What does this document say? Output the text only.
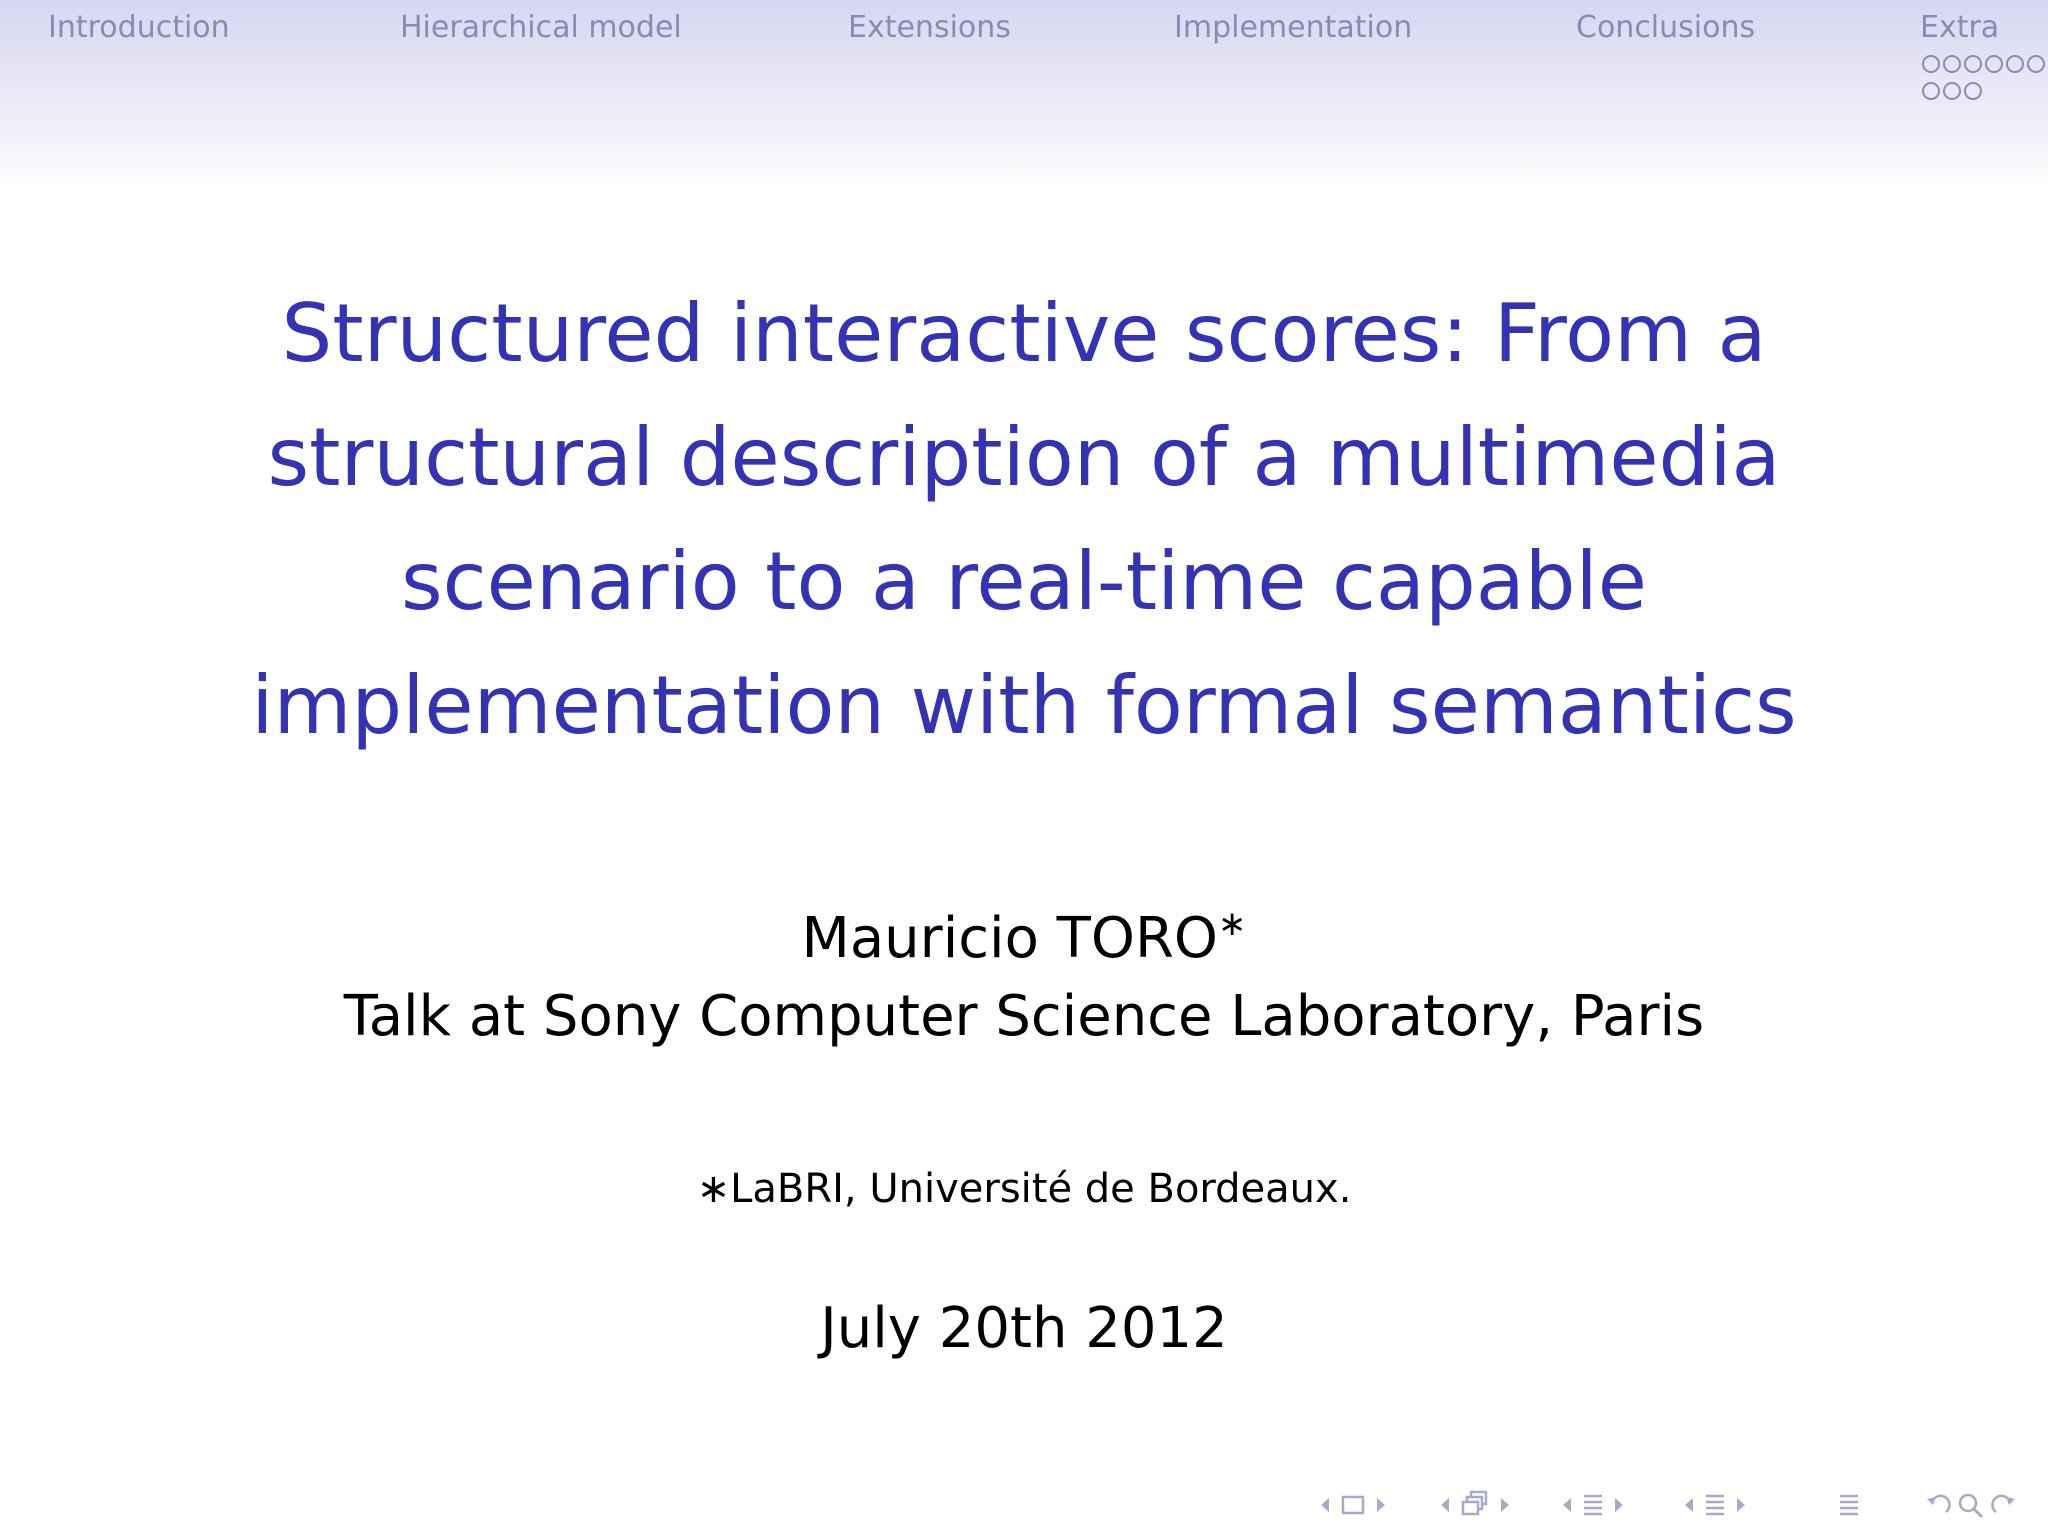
Introduction	Hierarchical model	Extensions	Implementation	Conclusions	Extra
Structured interactive scores: From a
structural description of a multimedia
scenario to a real-time capable
implementation with formal semantics
Mauricio TORO∗
Talk at Sony Computer Science Laboratory, Paris
∗LaBRI, Université de Bordeaux.
July 20th 2012
